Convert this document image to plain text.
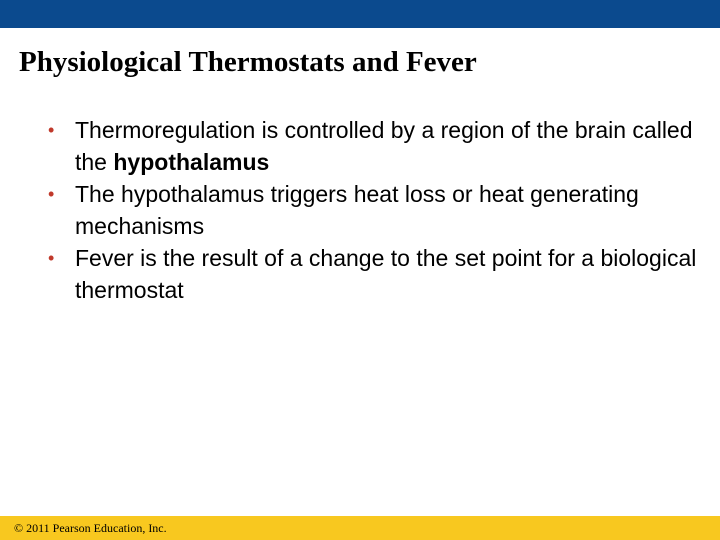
Physiological Thermostats and Fever
• Thermoregulation is controlled by a region of the brain called the hypothalamus
• The hypothalamus triggers heat loss or heat generating mechanisms
• Fever is the result of a change to the set point for a biological thermostat

© 2011 Pearson Education, Inc.
